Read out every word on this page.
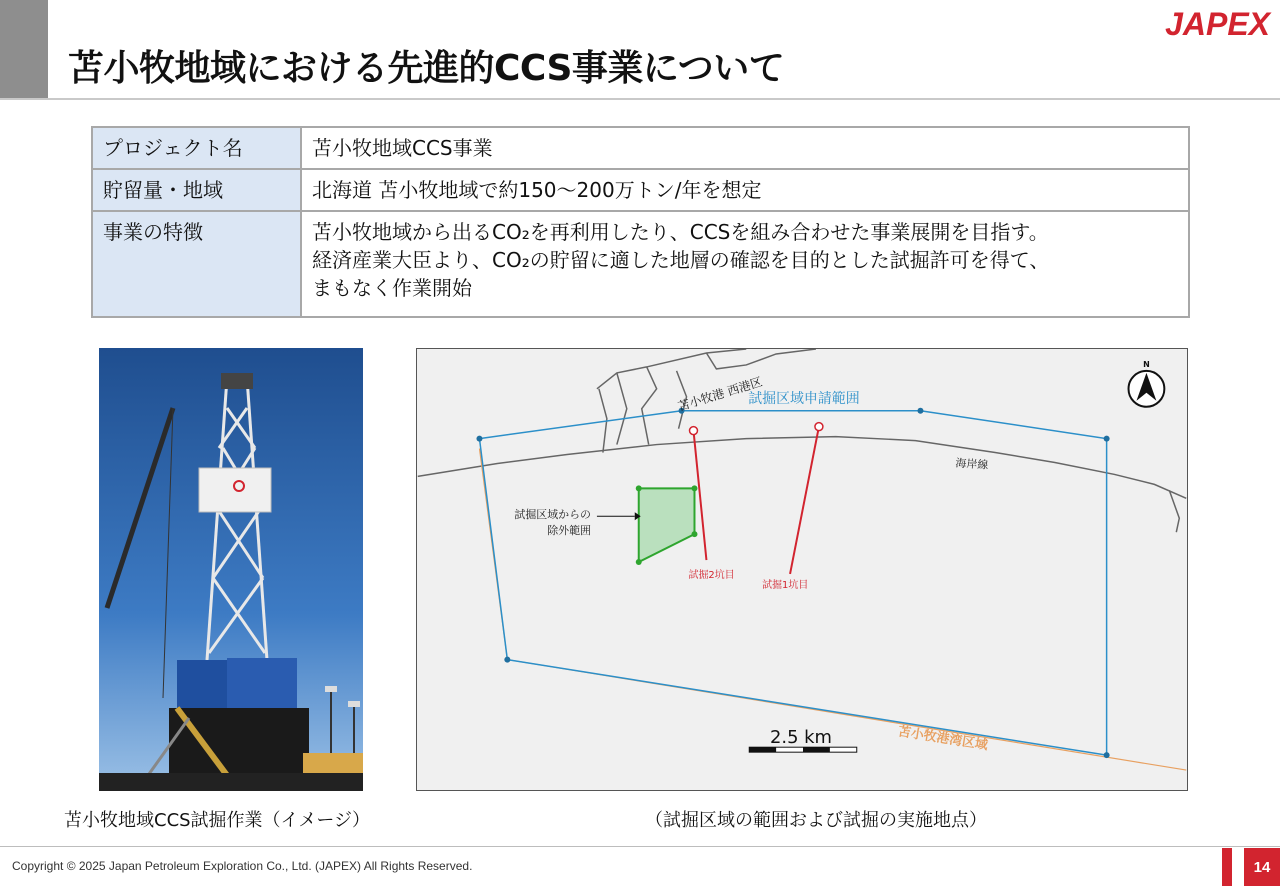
苫小牧地域における先進的CCS事業について
JAPEX
プロジェクト名	苫小牧地域CCS事業

貯留量・地域	北海道 苫小牧地域で約150～200万トン/年を想定

事業の特徴	苫小牧地域から出るCO₂を再利用したり、CCSを組み合わせた事業展開を目指す。
経済産業大臣より、CO₂の貯留に適した地層の確認を目的とした試掘許可を得て、
まもなく作業開始
N
苫小牧港 西港区
試掘区域申請範囲
海岸線
試掘区域からの
除外範囲
試掘2坑目
試掘1坑目
2.5 km	苫小牧港湾区域
苫小牧地域CCS試掘作業（イメージ）	（試掘区域の範囲および試掘の実施地点）
Copyright © 2025 Japan Petroleum Exploration Co., Ltd. (JAPEX) All Rights Reserved.	14
